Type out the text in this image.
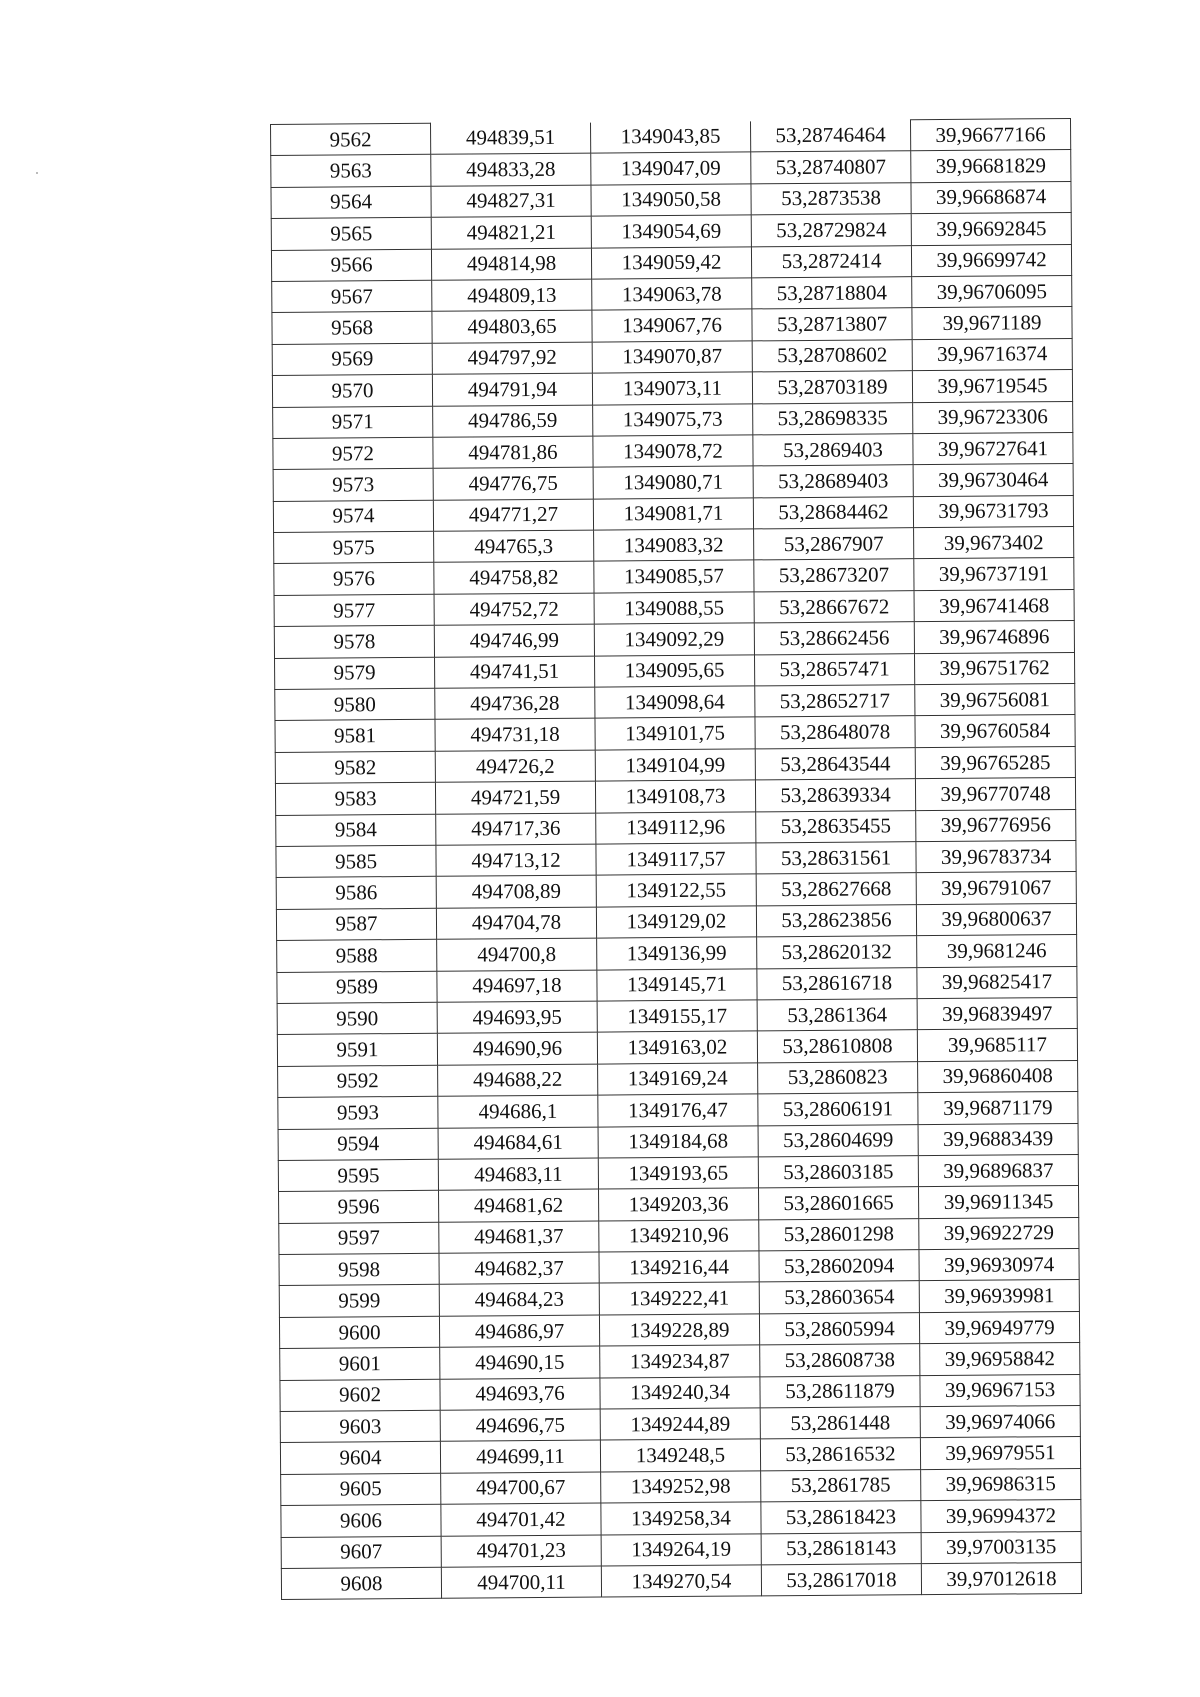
9562	494839,51	1349043,85	53,28746464	39,96677166
9563	494833,28	1349047,09	53,28740807	39,96681829
9564	494827,31	1349050,58	53,2873538	39,96686874
9565	494821,21	1349054,69	53,28729824	39,96692845
9566	494814,98	1349059,42	53,2872414	39,96699742
9567	494809,13	1349063,78	53,28718804	39,96706095
9568	494803,65	1349067,76	53,28713807	39,9671189
9569	494797,92	1349070,87	53,28708602	39,96716374
9570	494791,94	1349073,11	53,28703189	39,96719545
9571	494786,59	1349075,73	53,28698335	39,96723306
9572	494781,86	1349078,72	53,2869403	39,96727641
9573	494776,75	1349080,71	53,28689403	39,96730464
9574	494771,27	1349081,71	53,28684462	39,96731793
9575	494765,3	1349083,32	53,2867907	39,9673402
9576	494758,82	1349085,57	53,28673207	39,96737191
9577	494752,72	1349088,55	53,28667672	39,96741468
9578	494746,99	1349092,29	53,28662456	39,96746896
9579	494741,51	1349095,65	53,28657471	39,96751762
9580	494736,28	1349098,64	53,28652717	39,96756081
9581	494731,18	1349101,75	53,28648078	39,96760584
9582	494726,2	1349104,99	53,28643544	39,96765285
9583	494721,59	1349108,73	53,28639334	39,96770748
9584	494717,36	1349112,96	53,28635455	39,96776956
9585	494713,12	1349117,57	53,28631561	39,96783734
9586	494708,89	1349122,55	53,28627668	39,96791067
9587	494704,78	1349129,02	53,28623856	39,96800637
9588	494700,8	1349136,99	53,28620132	39,9681246
9589	494697,18	1349145,71	53,28616718	39,96825417
9590	494693,95	1349155,17	53,2861364	39,96839497
9591	494690,96	1349163,02	53,28610808	39,9685117
9592	494688,22	1349169,24	53,2860823	39,96860408
9593	494686,1	1349176,47	53,28606191	39,96871179
9594	494684,61	1349184,68	53,28604699	39,96883439
9595	494683,11	1349193,65	53,28603185	39,96896837
9596	494681,62	1349203,36	53,28601665	39,96911345
9597	494681,37	1349210,96	53,28601298	39,96922729
9598	494682,37	1349216,44	53,28602094	39,96930974
9599	494684,23	1349222,41	53,28603654	39,96939981
9600	494686,97	1349228,89	53,28605994	39,96949779
9601	494690,15	1349234,87	53,28608738	39,96958842
9602	494693,76	1349240,34	53,28611879	39,96967153
9603	494696,75	1349244,89	53,2861448	39,96974066
9604	494699,11	1349248,5	53,28616532	39,96979551
9605	494700,67	1349252,98	53,2861785	39,96986315
9606	494701,42	1349258,34	53,28618423	39,96994372
9607	494701,23	1349264,19	53,28618143	39,97003135
9608	494700,11	1349270,54	53,28617018	39,97012618
